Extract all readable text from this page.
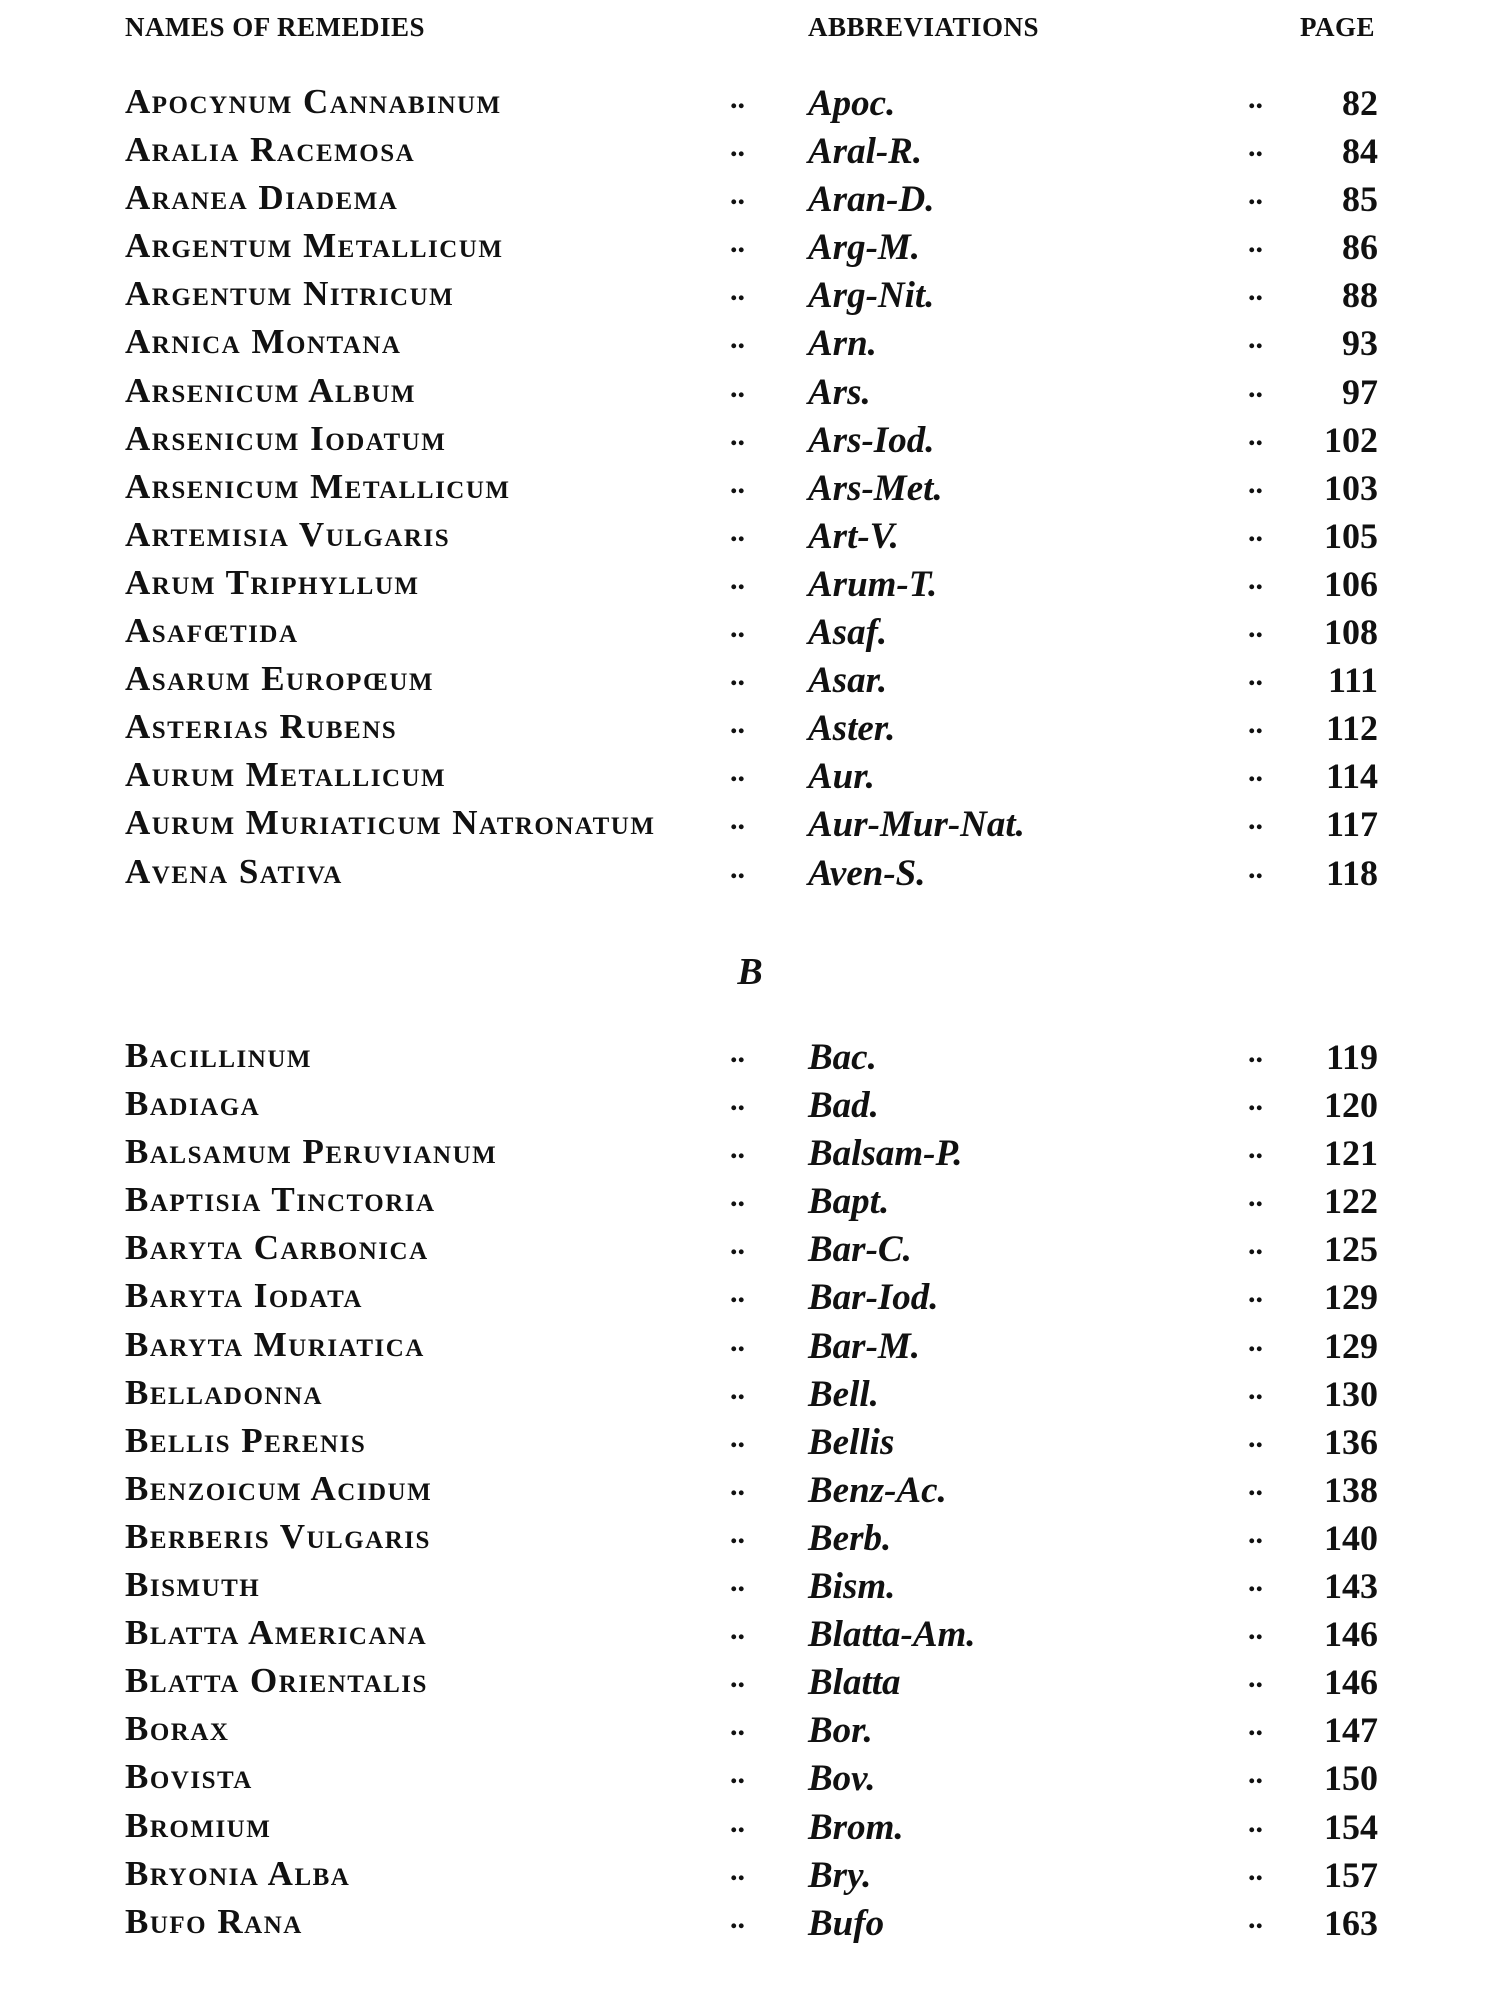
NAMES OF REMEDIES	ABBREVIATIONS	PAGE
Apocynum Cannabinum	.. Apoc.	..	82
Aralia Racemosa	.. Aral-R.	..	84
Aranea Diadema	.. Aran-D.	..	85
Argentum Metallicum	.. Arg-M.	..	86
Argentum Nitricum	.. Arg-Nit.	..	88
Arnica Montana	.. Arn.	..	93
Arsenicum Album	.. Ars.	..	97
Arsenicum Iodatum	.. Ars-Iod.	..	102
Arsenicum Metallicum	.. Ars-Met.	..	103
Artemisia Vulgaris	.. Art-V.	..	105
Arum Triphyllum	.. Arum-T.	..	106
Asafœtida	.. Asaf.	..	108
Asarum Europœum	.. Asar.	..	111
Asterias Rubens	.. Aster.	..	112
Aurum Metallicum	.. Aur.	..	114
Aurum Muriaticum Natronatum .. Aur-Mur-Nat.	..	117
Avena Sativa	.. Aven-S.	..	118
B
Bacillinum	.. Bac.	..	119
Badiaga	.. Bad.	..	120
Balsamum Peruvianum	.. Balsam-P.	..	121
Baptisia Tinctoria	.. Bapt.	..	122
Baryta Carbonica	.. Bar-C.	..	125
Baryta Iodata	.. Bar-Iod.	..	129
Baryta Muriatica	.. Bar-M.	..	129
Belladonna	.. Bell.	..	130
Bellis Perenis	.. Bellis	..	136
Benzoicum Acidum	.. Benz-Ac.	..	138
Berberis Vulgaris	.. Berb.	..	140
Bismuth	.. Bism.	..	143
Blatta Americana	.. Blatta-Am.	..	146
Blatta Orientalis	.. Blatta	..	146
Borax	.. Bor.	..	147
Bovista	.. Bov.	..	150
Bromium	.. Brom.	..	154
Bryonia Alba	.. Bry.	..	157
Bufo Rana	.. Bufo	..	163
